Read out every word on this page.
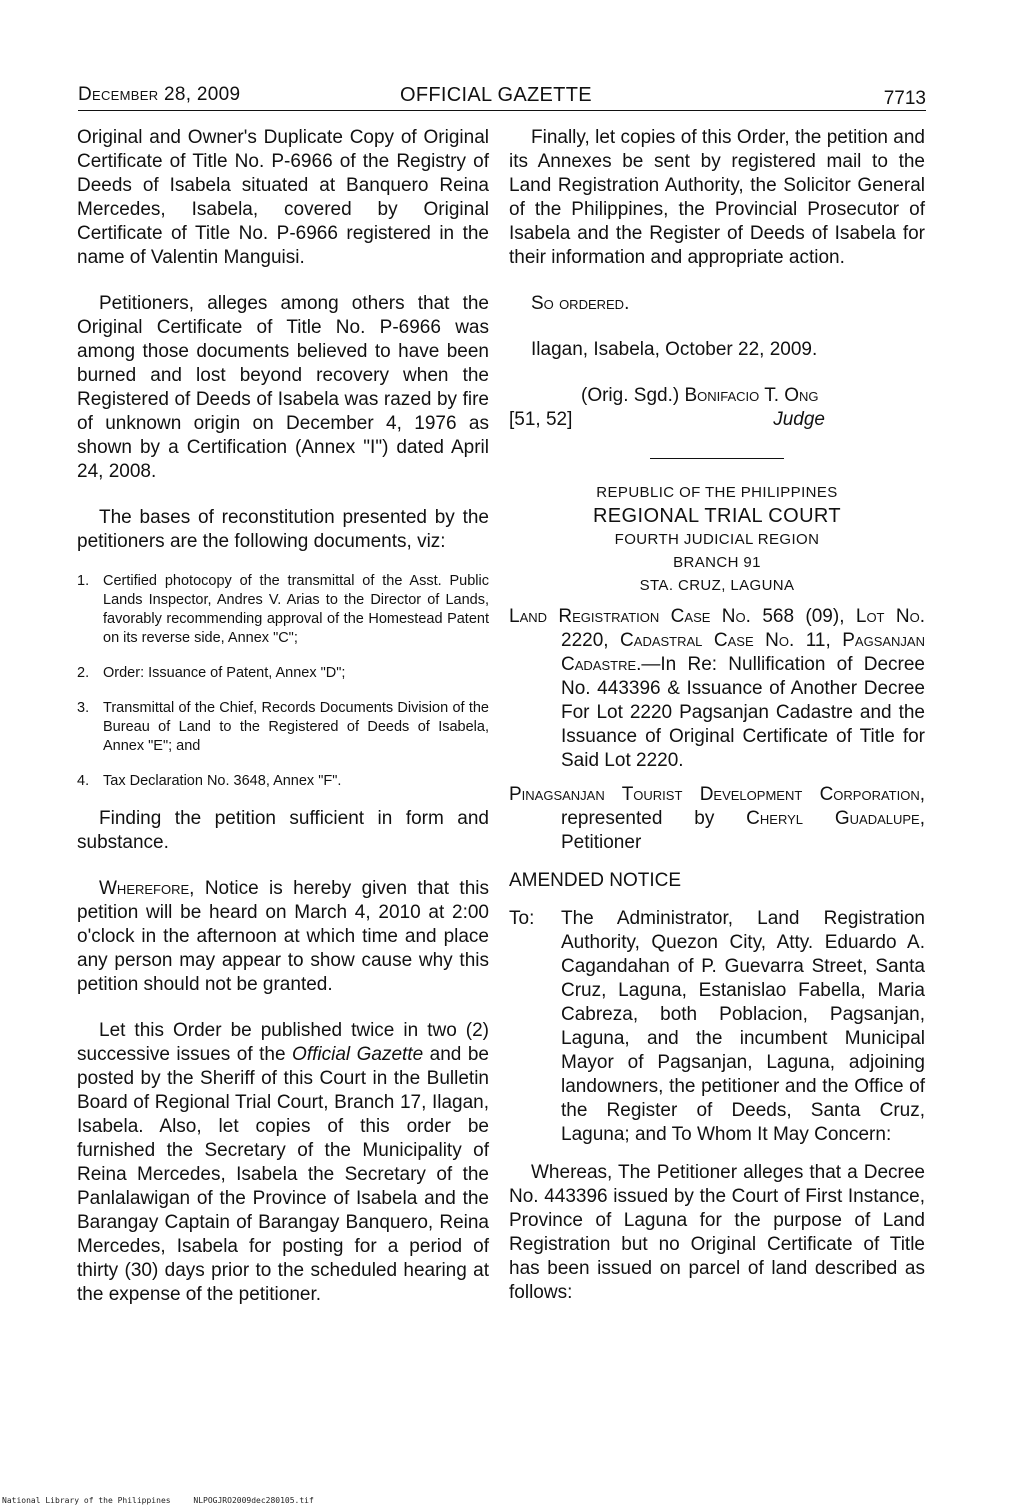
December 28, 2009	OFFICIAL GAZETTE	7713

Original and Owner's Duplicate Copy of Original Certificate of Title No. P-6966 of the Registry of Deeds of Isabela situated at Banquero Reina Mercedes, Isabela, covered by Original Certificate of Title No. P-6966 registered in the name of Valentin Manguisi.

Petitioners, alleges among others that the Original Certificate of Title No. P-6966 was among those documents believed to have been burned and lost beyond recovery when the Registered of Deeds of Isabela was razed by fire of unknown origin on December 4, 1976 as shown by a Certification (Annex "I") dated April 24, 2008.

The bases of reconstitution presented by the petitioners are the following documents, viz:

1. Certified photocopy of the transmittal of the Asst. Public Lands Inspector, Andres V. Arias to the Director of Lands, favorably recommending approval of the Homestead Patent on its reverse side, Annex "C";
2. Order: Issuance of Patent, Annex "D";
3. Transmittal of the Chief, Records Documents Division of the Bureau of Land to the Registered of Deeds of Isabela, Annex "E"; and
4. Tax Declaration No. 3648, Annex "F".

Finding the petition sufficient in form and substance.

Wherefore, Notice is hereby given that this petition will be heard on March 4, 2010 at 2:00 o'clock in the afternoon at which time and place any person may appear to show cause why this petition should not be granted.

Let this Order be published twice in two (2) successive issues of the Official Gazette and be posted by the Sheriff of this Court in the Bulletin Board of Regional Trial Court, Branch 17, Ilagan, Isabela. Also, let copies of this order be furnished the Secretary of the Municipality of Reina Mercedes, Isabela the Secretary of the Panlalawigan of the Province of Isabela and the Barangay Captain of Barangay Banquero, Reina Mercedes, Isabela for posting for a period of thirty (30) days prior to the scheduled hearing at the expense of the petitioner.

Finally, let copies of this Order, the petition and its Annexes be sent by registered mail to the Land Registration Authority, the Solicitor General of the Philippines, the Provincial Prosecutor of Isabela and the Register of Deeds of Isabela for their information and appropriate action.

So ordered.

Ilagan, Isabela, October 22, 2009.

(Orig. Sgd.) Bonifacio T. Ong
[51, 52]	Judge
REPUBLIC OF THE PHILIPPINES
REGIONAL TRIAL COURT
FOURTH JUDICIAL REGION
BRANCH 91
STA. CRUZ, LAGUNA

Land Registration Case No. 568 (09), Lot No. 2220, Cadastral Case No. 11, Pagsanjan Cadastre.—In Re: Nullification of Decree No. 443396 & Issuance of Another Decree For Lot 2220 Pagsanjan Cadastre and the Issuance of Original Certificate of Title for Said Lot 2220.

Pinagsanjan Tourist Development Corporation, represented by Cheryl Guadalupe, Petitioner

AMENDED NOTICE

To:	The Administrator, Land Registration Authority, Quezon City, Atty. Eduardo A. Cagandahan of P. Guevarra Street, Santa Cruz, Laguna, Estanislao Fabella, Maria Cabreza, both Poblacion, Pagsanjan, Laguna, and the incumbent Municipal Mayor of Pagsanjan, Laguna, adjoining landowners, the petitioner and the Office of the Register of Deeds, Santa Cruz, Laguna; and To Whom It May Concern:

Whereas, The Petitioner alleges that a Decree No. 443396 issued by the Court of First Instance, Province of Laguna for the purpose of Land Registration but no Original Certificate of Title has been issued on parcel of land described as follows:

National Library of the Philippines	NLPOGJRO2009dec280105.tif
